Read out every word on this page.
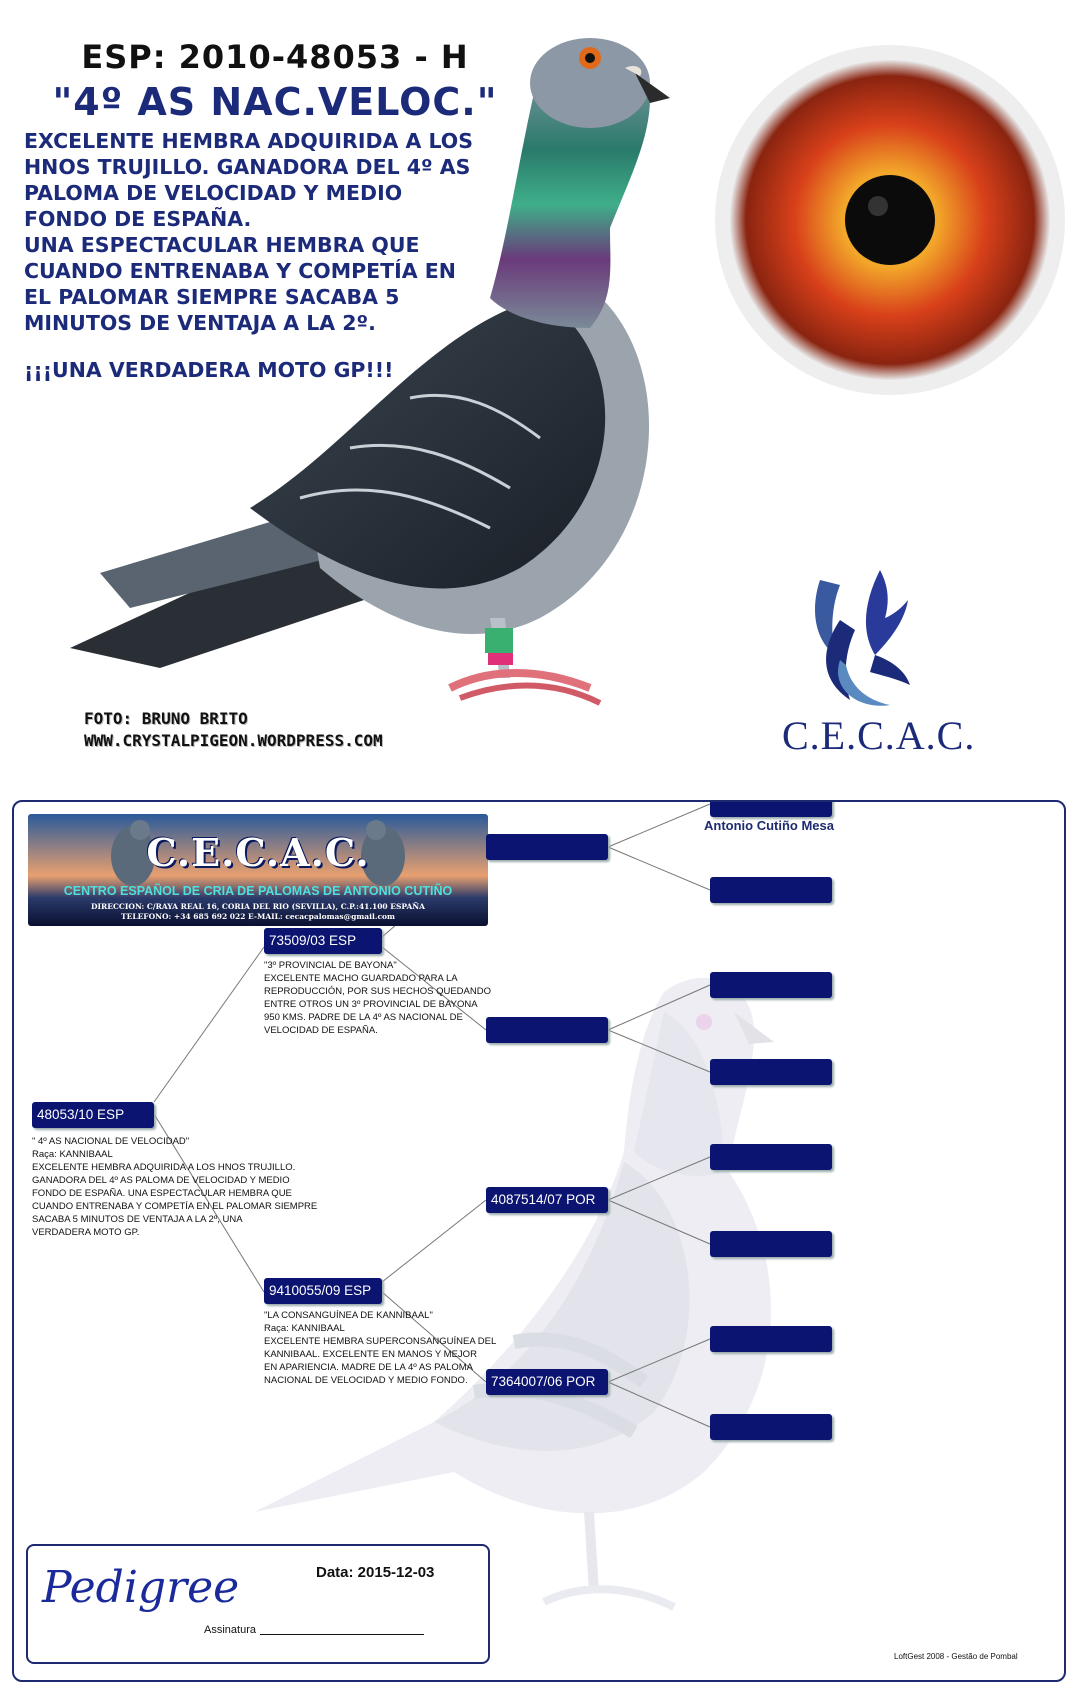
ESP: 2010-48053 - H
"4º AS NAC.VELOC."

EXCELENTE HEMBRA ADQUIRIDA A LOS

HNOS TRUJILLO. GANADORA DEL 4º AS

PALOMA DE VELOCIDAD Y MEDIO

FONDO DE ESPAÑA.

UNA ESPECTACULAR HEMBRA QUE

CUANDO ENTRENABA Y COMPETÍA EN

EL PALOMAR SIEMPRE SACABA 5

MINUTOS DE VENTAJA A LA 2º.

¡¡¡UNA VERDADERA MOTO GP!!!
FOTO: BRUNO BRITO
WWW.CRYSTALPIGEON.WORDPRESS.COM	C.E.C.A.C.
C.E.C.A.C.
CENTRO ESPAÑOL DE CRIA DE PALOMAS DE ANTONIO CUTIÑO
DIRECCION: C/RAYA REAL 16, CORIA DEL RIO (SEVILLA), C.P.:41.100 ESPAÑA
TELEFONO: +34 685 692 022 E-MAIL: cecacpalomas@gmail.com
Antonio Cutiño Mesa
48053/10 ESP
" 4º AS NACIONAL DE VELOCIDAD"
Raça: KANNIBAAL
EXCELENTE HEMBRA ADQUIRIDA A LOS HNOS TRUJILLO.
GANADORA DEL 4º AS PALOMA DE VELOCIDAD Y MEDIO
FONDO DE ESPAÑA. UNA ESPECTACULAR HEMBRA QUE
CUANDO ENTRENABA Y COMPETÍA EN EL PALOMAR SIEMPRE
SACABA 5 MINUTOS DE VENTAJA A LA 2º, UNA
VERDADERA MOTO GP.
73509/03 ESP
"3º PROVINCIAL DE BAYONA"
EXCELENTE MACHO GUARDADO PARA LA
REPRODUCCIÓN, POR SUS HECHOS QUEDANDO
ENTRE OTROS UN 3º PROVINCIAL DE BAYONA
950 KMS. PADRE DE LA 4º AS NACIONAL DE
VELOCIDAD DE ESPAÑA.
9410055/09 ESP
"LA CONSANGUÍNEA DE KANNIBAAL"
Raça: KANNIBAAL
EXCELENTE HEMBRA SUPERCONSANGUÍNEA DEL
KANNIBAAL. EXCELENTE EN MANOS Y MEJOR
EN APARIENCIA. MADRE DE LA 4º AS PALOMA
NACIONAL DE VELOCIDAD Y MEDIO FONDO.
4087514/07 POR
7364007/06 POR
Pedigree	Data: 2015-12-03
Assinatura
LoftGest 2008 - Gestão de Pombal
